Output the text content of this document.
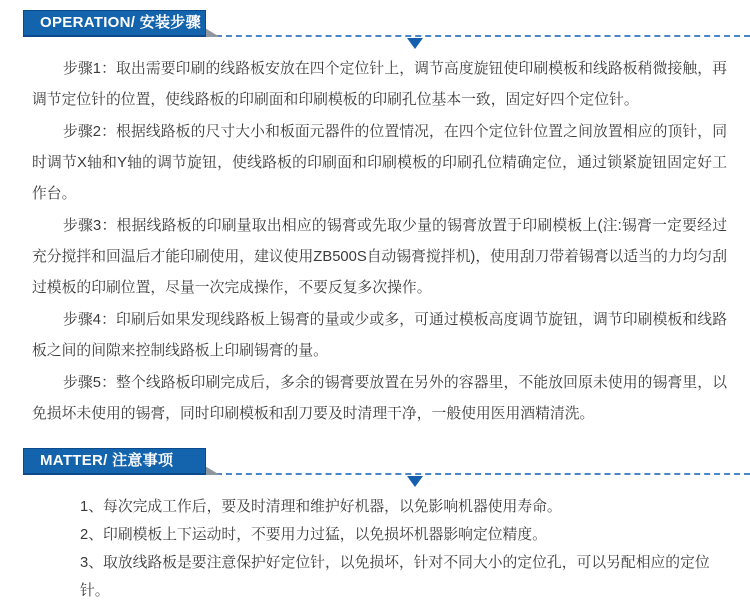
OPERATION/ 安装步骤

步骤1：取出需要印刷的线路板安放在四个定位针上，调节高度旋钮使印刷模板和线路板稍微接触，再调节定位针的位置，使线路板的印刷面和印刷模板的印刷孔位基本一致，固定好四个定位针。

步骤2：根据线路板的尺寸大小和板面元器件的位置情况，在四个定位针位置之间放置相应的顶针，同时调节X轴和Y轴的调节旋钮，使线路板的印刷面和印刷模板的印刷孔位精确定位，通过锁紧旋钮固定好工作台。

步骤3：根据线路板的印刷量取出相应的锡膏或先取少量的锡膏放置于印刷模板上(注:锡膏一定要经过充分搅拌和回温后才能印刷使用，建议使用ZB500S自动锡膏搅拌机)，使用刮刀带着锡膏以适当的力均匀刮过模板的印刷位置，尽量一次完成操作，不要反复多次操作。

步骤4：印刷后如果发现线路板上锡膏的量或少或多，可通过模板高度调节旋钮，调节印刷模板和线路板之间的间隙来控制线路板上印刷锡膏的量。

步骤5：整个线路板印刷完成后，多余的锡膏要放置在另外的容器里，不能放回原未使用的锡膏里，以免损坏未使用的锡膏，同时印刷模板和刮刀要及时清理干净，一般使用医用酒精清洗。

MATTER/ 注意事项

1、每次完成工作后，要及时清理和维护好机器，以免影响机器使用寿命。

2、印刷模板上下运动时，不要用力过猛，以免损坏机器影响定位精度。

3、取放线路板是要注意保护好定位针，以免损坏，针对不同大小的定位孔，可以另配相应的定位针。
